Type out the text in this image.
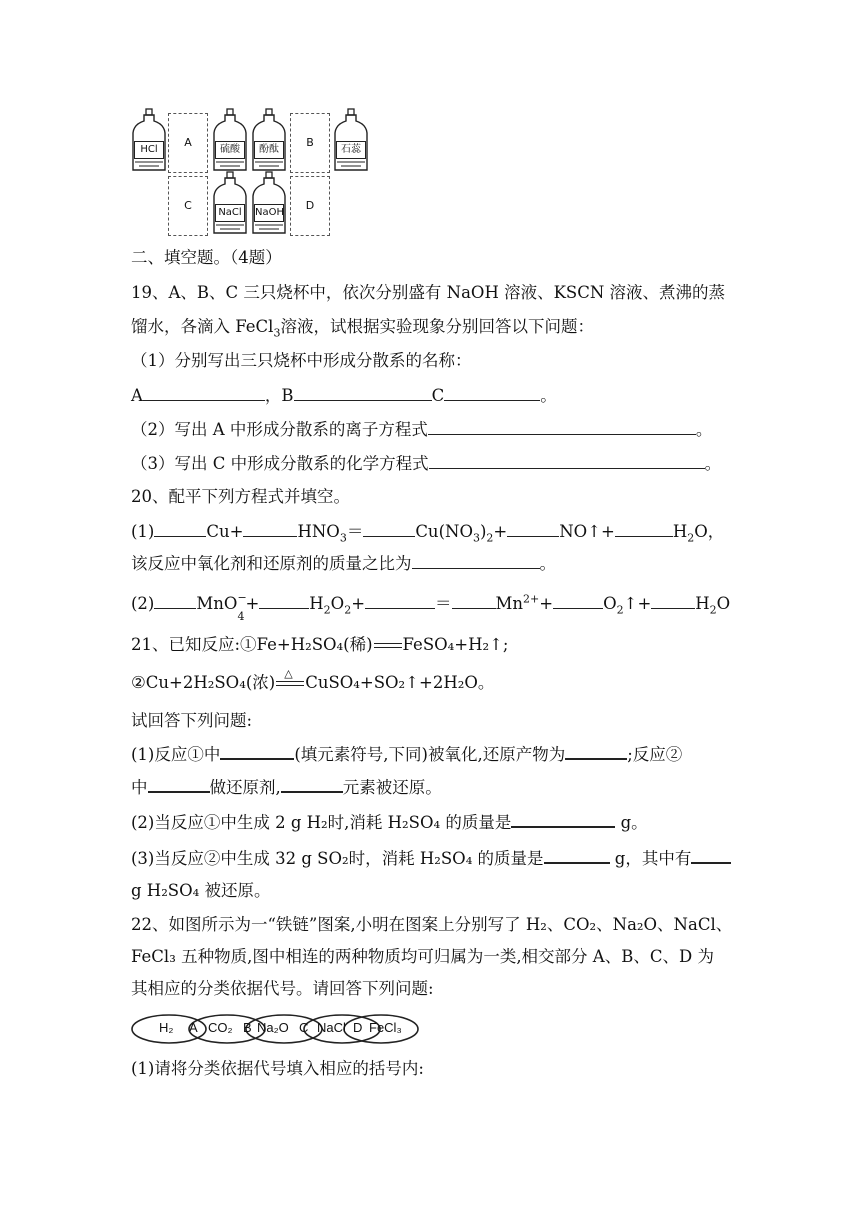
HCl
A
硫酸	酚酞
B
石蕊
C
NaCl	NaOH
D
二、填空题。（4题）
19、A、B、C 三只烧杯中，依次分别盛有 NaOH 溶液、KSCN 溶液、煮沸的蒸
馏水，各滴入 FeCl$_3$溶液，试根据实验现象分别回答以下问题：
（1）分别写出三只烧杯中形成分散系的名称：
A	，B	C	。
（2）写出 A 中形成分散系的离子方程式	。
（3）写出 C 中形成分散系的化学方程式	。
20、配平下列方程式并填空。
(1)	Cu+	$HNO_3=$	$Cu(NO_3)_2+$	NO↑+	$H_2O$，
该反应中氧化剂和还原剂的质量之比为	。
(2)	MnO −
4
+	$H_2O_2+$	＝	$Mn^{2+}+$	$O_2↑+$	$H_2O$
21、已知反应:①Fe+H₂SO₄(稀) FeSO₄+H₂↑;
②Cu+2H₂SO₄(浓) △ CuSO₄+SO₂↑+2H₂O。
试回答下列问题:
(1)反应①中	(填元素符号,下同)被氧化,还原产物为	;反应②
中	做还原剂,	元素被还原。
(2)当反应①中生成 2 g H₂时,消耗 H₂SO₄ 的质量是	g。
(3)当反应②中生成 32 g SO₂时，消耗 H₂SO₄ 的质量是	g，其中有
g H₂SO₄ 被还原。
22、如图所示为一“铁链”图案,小明在图案上分别写了 H₂、CO₂、Na₂O、NaCl、
FeCl₃ 五种物质,图中相连的两种物质均可归属为一类,相交部分 A、B、C、D 为
其相应的分类依据代号。请回答下列问题:
H₂ A CO₂ B Na₂O C NaCl D FeCl₃
(1)请将分类依据代号填入相应的括号内:
